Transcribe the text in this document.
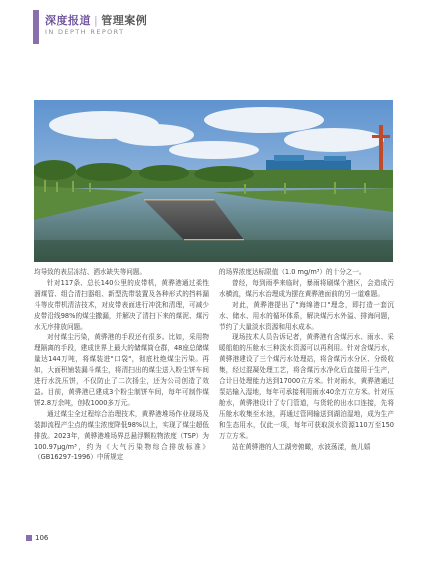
深度报道 | 管理案例
IN DEPTH REPORT

均导致的表层冻结、洒水缺失等问题。

针对117条、总长140公里的皮带机，黄骅港通过柔性溜煤管、组合清扫器组、新型洗带装置及各种形式的挡料漏斗等皮带机清洁技术，对皮带表面进行冲洗和清理，可减少皮带沿线98%的煤尘撒漏，并解决了清扫下来的煤泥、煤污水无序排放问题。

对付煤尘污染，黄骅港的手段还有很多。比如，采用物理隔离的手段，建成世界上最大的储煤筒仓群，48座总储煤量达144万吨，将煤装进"口袋"，彻底杜绝煤尘污染。再如，大面积铺装漏斗煤尘，将清扫出的煤尘送入粉尘饼车间进行水洗压饼，不仅防止了二次扬尘，还为公司创造了效益。目前，黄骅港已建成3个粉尘制饼车间，每年可制作煤饼2.8万余吨，创收1000多万元。

通过煤尘全过程综合治理技术，黄骅港堆场作业现场及装卸流程产尘点的煤尘浓度降低98%以上，实现了煤尘超低排放。2023年，黄骅港堆场界总悬浮颗粒物浓度（TSP）为100.97μg/m³，约为《大气污染物综合排放标准》（GB16297-1996）中所规定

的场界浓度达标限值（1.0 mg/m³）的十分之一。

曾经，每到雨季来临时，暴雨将刷煤个港区，会造成污水横流，煤污水治理成为摆在黄骅港面前的另一道难题。

对此，黄骅港提出了"海绵港口"理念，即打造一套沉水、储水、用水的循环体系，解决煤污水外溢、排海问题，节约了大量淡水资源和用水成本。

现场技术人员告诉记者，黄骅港有含煤污水、雨水、采暖船舶的压舱水三种淡水资源可以再利用。针对含煤污水，黄骅港建设了三个煤污水处理站，将含煤污水分区、分级收集，经过混凝处理工艺，将含煤污水净化后直接用于生产，合计日处理能力达到17000立方米。针对雨水，黄骅港通过泵站输入湿地，每年可承接利用雨水40余万立方米。针对压舱水，黄骅港设计了专门管道，与货轮的出水口连接，先将压舱水收集至水池，再通过管网输送到湖泊湿地，成为生产和生态用水，仅此一项，每年可获取淡水资源110万至150万立方米。

站在黄骅港的人工湖旁俯瞰，水波荡漾，鱼儿嬉

106
